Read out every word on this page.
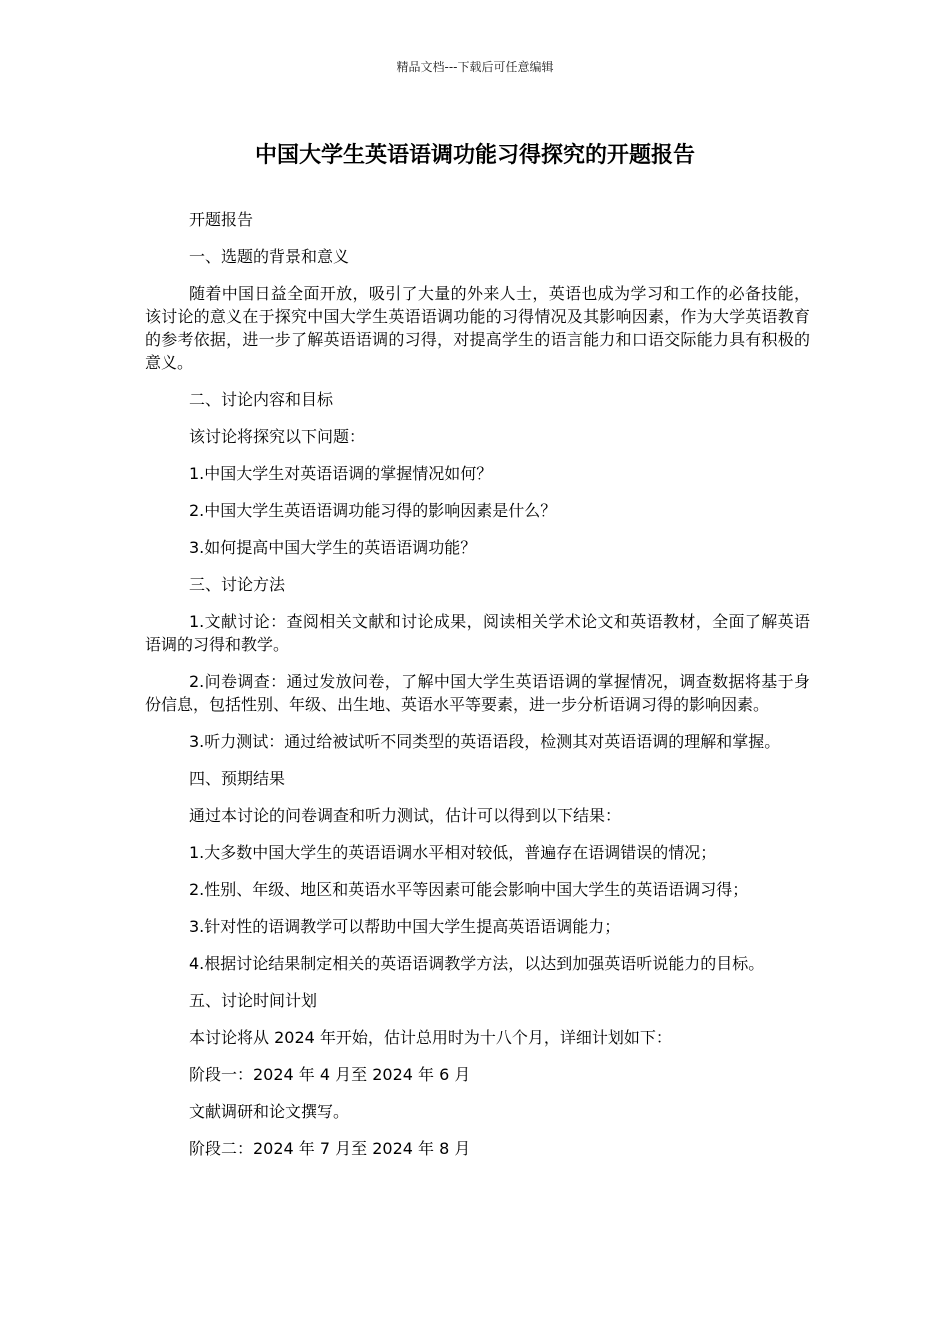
精品文档---下载后可任意编辑
中国大学生英语语调功能习得探究的开题报告

开题报告

一、选题的背景和意义

随着中国日益全面开放，吸引了大量的外来人士，英语也成为学习和工作的必备技能，该讨论的意义在于探究中国大学生英语语调功能的习得情况及其影响因素，作为大学英语教育的参考依据，进一步了解英语语调的习得，对提高学生的语言能力和口语交际能力具有积极的意义。

二、讨论内容和目标

该讨论将探究以下问题：

1.中国大学生对英语语调的掌握情况如何？

2.中国大学生英语语调功能习得的影响因素是什么？

3.如何提高中国大学生的英语语调功能？

三、讨论方法

1.文献讨论：查阅相关文献和讨论成果，阅读相关学术论文和英语教材，全面了解英语语调的习得和教学。

2.问卷调查：通过发放问卷，了解中国大学生英语语调的掌握情况，调查数据将基于身份信息，包括性别、年级、出生地、英语水平等要素，进一步分析语调习得的影响因素。

3.听力测试：通过给被试听不同类型的英语语段，检测其对英语语调的理解和掌握。

四、预期结果

通过本讨论的问卷调查和听力测试，估计可以得到以下结果：

1.大多数中国大学生的英语语调水平相对较低，普遍存在语调错误的情况；

2.性别、年级、地区和英语水平等因素可能会影响中国大学生的英语语调习得；

3.针对性的语调教学可以帮助中国大学生提高英语语调能力；

4.根据讨论结果制定相关的英语语调教学方法，以达到加强英语听说能力的目标。

五、讨论时间计划

本讨论将从 2024 年开始，估计总用时为十八个月，详细计划如下：

阶段一：2024 年 4 月至 2024 年 6 月

文献调研和论文撰写。

阶段二：2024 年 7 月至 2024 年 8 月
